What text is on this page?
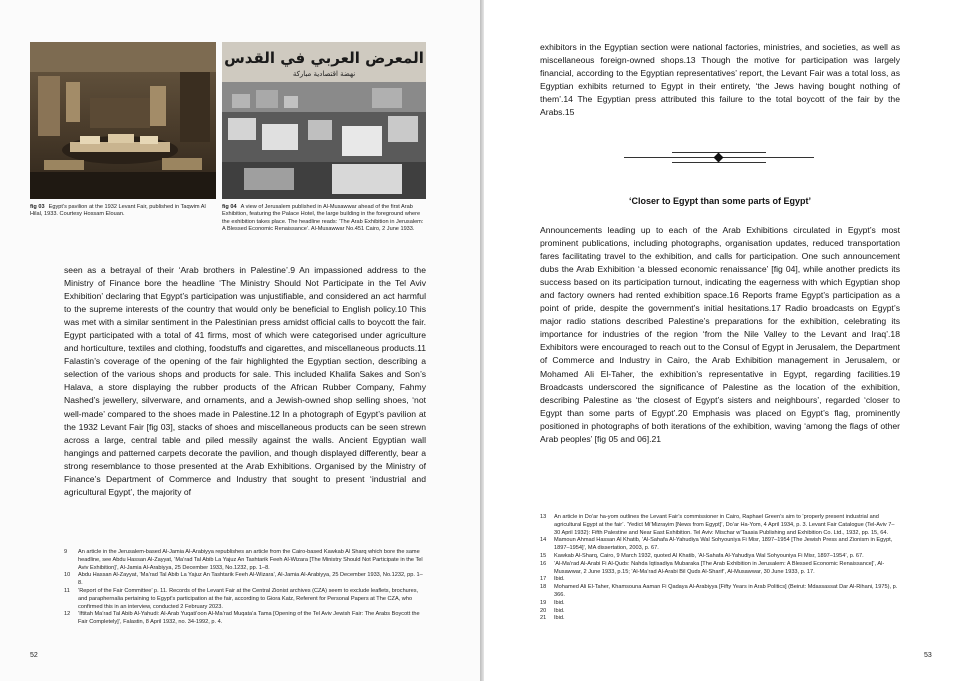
المعرض العربي في القدس
نهضة اقتصادية مباركة
fig 03 Egypt’s pavilion at the 1932 Levant Fair, published in Taqwim Al Hilal, 1933. Courtesy Hossam Elouan.
fig 04 A view of Jerusalem published in Al-Musawwar ahead of the first Arab Exhibition, featuring the Palace Hotel, the large building in the foreground where the exhibition takes place. The headline reads: ‘The Arab Exhibition in Jerusalem: A Blessed Economic Renaissance’. Al-Musawwar No.451 Cairo, 2 June 1933.

seen as a betrayal of their ‘Arab brothers in Palestine’.9 An impassioned address to the Ministry of Finance bore the headline ‘The Ministry Should Not Participate in the Tel Aviv Exhibition’ declaring that Egypt’s participation was unjustifiable, and considered an act harmful to the supreme interests of the country that would only be beneficial to English policy.10 This was met with a similar sentiment in the Palestinian press amidst official calls to boycott the fair. Egypt participated with a total of 41 firms, most of which were categorised under agriculture and horticulture, textiles and clothing, foodstuffs and cigarettes, and miscellaneous products.11 Falastin’s coverage of the opening of the fair highlighted the Egyptian section, describing a selection of the various shops and products for sale. This included Khalifa Sakes and Son’s Halava, a store displaying the rubber products of the African Rubber Company, Fahmy Nashed’s jewellery, silverware, and ornaments, and a Jewish-owned shop selling shoes, ‘not well-made’ compared to the shoes made in Palestine.12 In a photograph of Egypt’s pavilion at the 1932 Levant Fair [fig 03], stacks of shoes and miscellaneous products can be seen strewn across a large, central table and piled messily against the walls. Ancient Egyptian wall hangings and patterned carpets decorate the pavilion, and though displayed differently, bear a strong resemblance to those presented at the Arab Exhibitions. Organised by the Ministry of Finance’s Department of Commerce and Industry that sought to present ‘industrial and agricultural Egypt’, the majority of

9	An article in the Jerusalem-based Al-Jamia Al-Arabiyya republishes an article from the Cairo-based Kawkab Al Sharq which bore the same headline, see Abdu Hassan Al-Zayyat, ‘Ma’rad Tal Abib La Yajuz An Tashtarik Feeh Al-Wizara [The Ministry Should Not Participate in the Tel Aviv Exhibition]’, Al-Jamia Al-Arabiyya, 25 December 1933, No.1232, pp. 1–8.
10	Abdu Hassan Al-Zayyat, ‘Ma’rad Tal Abib La Yajuz An Tashtarik Feeh Al-Wizara’, Al-Jamia Al-Arabiyya, 25 December 1933, No.1232, pp. 1–8.
11	‘Report of the Fair Committee’ p. 11. Records of the Levant Fair at the Central Zionist archives (CZA) seem to exclude leaflets, brochures, and paraphernalia pertaining to Egypt’s participation at the fair, according to Giora Katz, Referent for Personal Papers at The CZA, who confirmed this in an interview, conducted 2 February 2023.
12	‘Iftitah Ma’rad Tal Abib Al-Yahudi: Al-Arab Yuqati’oon Al-Ma’rad Muqata’a Tama [Opening of the Tel Aviv Jewish Fair: The Arabs Boycott the Fair Completely]’, Falastin, 8 April 1932, no. 34-1992, p. 4.
52

exhibitors in the Egyptian section were national factories, ministries, and societies, as well as miscellaneous foreign-owned shops.13 Though the motive for participation was largely financial, according to the Egyptian representatives’ report, the Levant Fair was a total loss, as Egyptian exhibits returned to Egypt in their entirety, ‘the Jews having bought nothing of them’.14 The Egyptian press attributed this failure to the total boycott of the fair by the Arabs.15

‘Closer to Egypt than some parts of Egypt’

Announcements leading up to each of the Arab Exhibitions circulated in Egypt’s most prominent publications, including photographs, organisation updates, reduced transportation fares facilitating travel to the exhibition, and calls for participation. One such announcement dubs the Arab Exhibition ‘a blessed economic renaissance’ [fig 04], while another predicts its success based on its participation turnout, indicating the eagerness with which Egyptian shop and factory owners had rented exhibition space.16 Reports frame Egypt’s participation as a point of pride, despite the government’s initial hesitations.17 Radio broadcasts on Egypt’s major radio stations described Palestine’s preparations for the exhibition, celebrating its importance for industries of the region ‘from the Nile Valley to the Levant and Iraq’.18 Exhibitors were encouraged to reach out to the Consul of Egypt in Jerusalem, the Department of Commerce and Industry in Cairo, the Arab Exhibition management in Jerusalem, or Mohamed Ali El-Taher, the exhibition’s representative in Egypt, regarding facilities.19 Broadcasts underscored the significance of Palestine as the location of the exhibition, describing Palestine as ‘the closest of Egypt’s sisters and neighbours’, regarded ‘closer to Egypt than some parts of Egypt’.20 Emphasis was placed on Egypt’s flag, prominently positioned in photographs of both iterations of the exhibition, waving ‘among the flags of other Arab peoples’ [fig 05 and 06].21

13	An article in Do’ar ha-yom outlines the Levant Fair’s commissioner in Cairo, Raphael Green’s aim to ‘properly present industrial and agricultural Egypt at the fair’. ‘Yedict Mi’Mizrayim [News from Egypt]’, Do’ar Ha-Yom, 4 April 1934, p. 3. Levant Fair Catalogue (Tel-Aviv 7–30 April 1932): Fifth Palestine and Near East Exhibition. Tel Aviv: Mischar w’Taasia Publishing and Exhibition Co. Ltd., 1932, pp. 15, 64.
14	Mamoun Ahmad Hassan Al Khatib, ‘Al-Sahafa Al-Yahudiya Wal Sohyouniya Fi Misr, 1897–1954 [The Jewish Press and Zionism in Egypt, 1897–1954]’, MA dissertation, 2003, p. 67.
15	Kawkab Al-Sharq, Cairo, 9 March 1932, quoted Al Khatib, ‘Al-Sahafa Al-Yahudiya Wal Sohyouniya Fi Misr, 1897–1954’, p. 67.
16	‘Al-Ma’rad Al-Arabi Fi Al-Quds: Nahda Iqtisadiya Mubaraka [The Arab Exhibition in Jerusalem: A Blessed Economic Renaissance]’, Al-Musawwar, 2 June 1933, p.15; ‘Al-Ma’rad Al-Arabi Bil Quds Al-Sharif’, Al-Musawwar, 30 June 1933, p. 17.
17	Ibid.
18	Mohamed Ali El-Taher, Khamsouna Aaman Fi Qadaya Al-Arabiyya [Fifty Years in Arab Politics] (Beirut: Mdassassat Dar Al-Rihani, 1975), p. 366.
19	Ibid.
20	Ibid.
21	Ibid.
53
